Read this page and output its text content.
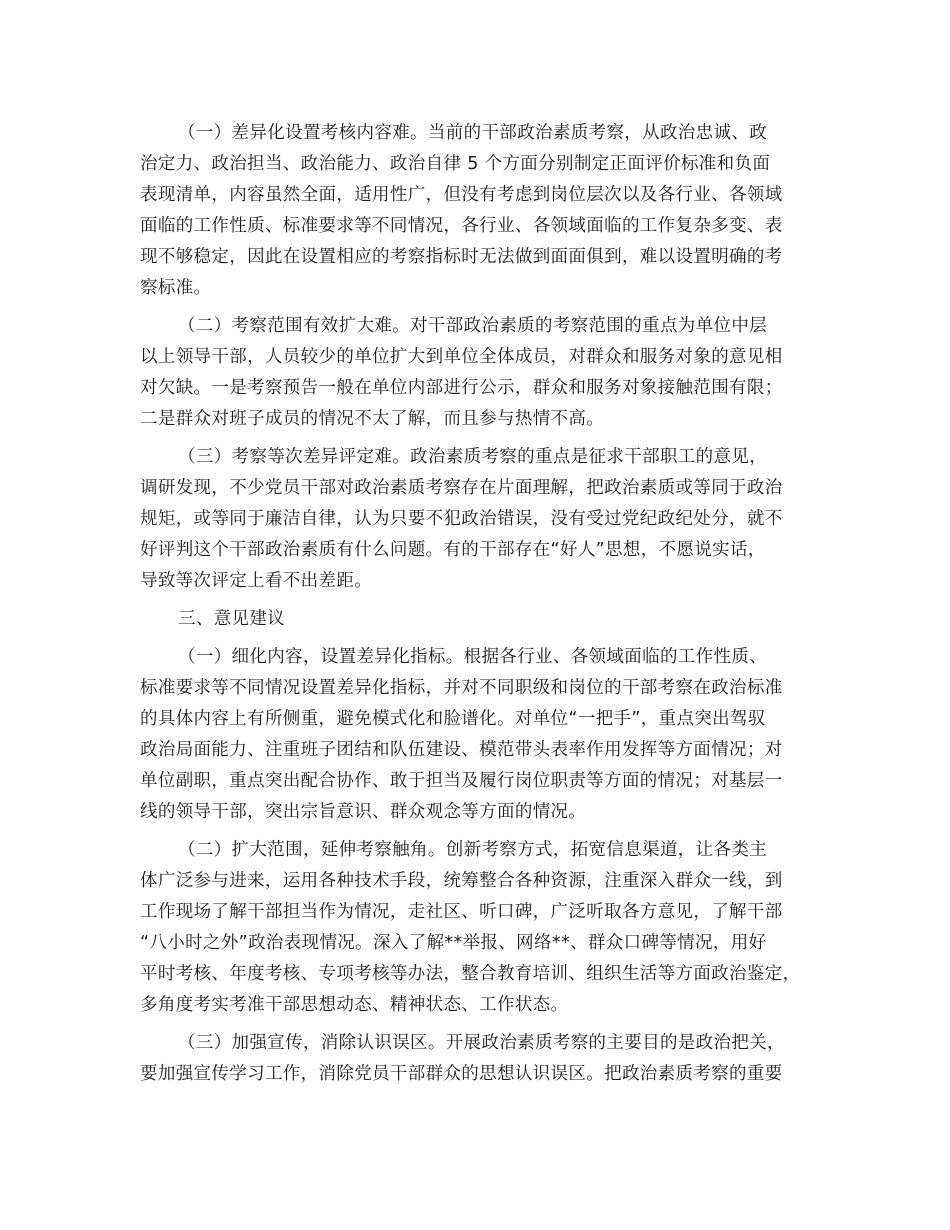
（一）差异化设置考核内容难。当前的干部政治素质考察，从政治忠诚、政
治定力、政治担当、政治能力、政治自律 5 个方面分别制定正面评价标准和负面
表现清单，内容虽然全面，适用性广，但没有考虑到岗位层次以及各行业、各领域
面临的工作性质、标准要求等不同情况，各行业、各领域面临的工作复杂多变、表
现不够稳定，因此在设置相应的考察指标时无法做到面面俱到，难以设置明确的考
察标准。
（二）考察范围有效扩大难。对干部政治素质的考察范围的重点为单位中层
以上领导干部，人员较少的单位扩大到单位全体成员，对群众和服务对象的意见相
对欠缺。一是考察预告一般在单位内部进行公示，群众和服务对象接触范围有限；
二是群众对班子成员的情况不太了解，而且参与热情不高。
（三）考察等次差异评定难。政治素质考察的重点是征求干部职工的意见，
调研发现，不少党员干部对政治素质考察存在片面理解，把政治素质或等同于政治
规矩，或等同于廉洁自律，认为只要不犯政治错误，没有受过党纪政纪处分，就不
好评判这个干部政治素质有什么问题。有的干部存在“好人”思想，不愿说实话，
导致等次评定上看不出差距。
三、意见建议
（一）细化内容，设置差异化指标。根据各行业、各领域面临的工作性质、
标准要求等不同情况设置差异化指标，并对不同职级和岗位的干部考察在政治标准
的具体内容上有所侧重，避免模式化和脸谱化。对单位“一把手”，重点突出驾驭
政治局面能力、注重班子团结和队伍建设、模范带头表率作用发挥等方面情况；对
单位副职，重点突出配合协作、敢于担当及履行岗位职责等方面的情况；对基层一
线的领导干部，突出宗旨意识、群众观念等方面的情况。
（二）扩大范围，延伸考察触角。创新考察方式，拓宽信息渠道，让各类主
体广泛参与进来，运用各种技术手段，统筹整合各种资源，注重深入群众一线，到
工作现场了解干部担当作为情况，走社区、听口碑，广泛听取各方意见，了解干部
“八小时之外”政治表现情况。深入了解**举报、网络**、群众口碑等情况，用好
平时考核、年度考核、专项考核等办法，整合教育培训、组织生活等方面政治鉴定，
多角度考实考准干部思想动态、精神状态、工作状态。
（三）加强宣传，消除认识误区。开展政治素质考察的主要目的是政治把关，
要加强宣传学习工作，消除党员干部群众的思想认识误区。把政治素质考察的重要
